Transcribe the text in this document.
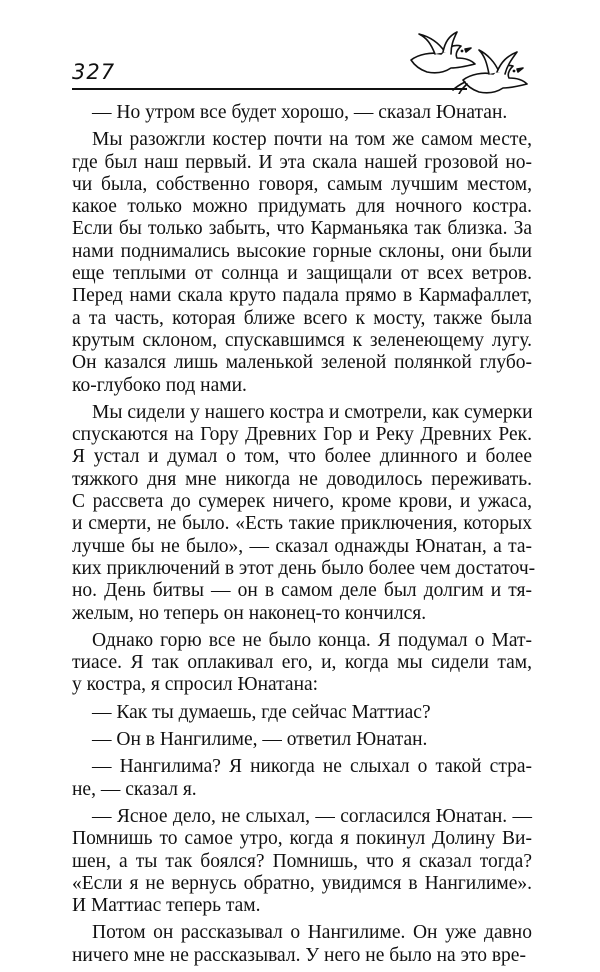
327
— Но утром все будет хорошо, — сказал Юнатан.
Мы разожгли костер почти на том же самом месте,
где был наш первый. И эта скала нашей грозовой но-
чи была, собственно говоря, самым лучшим местом,
какое только можно придумать для ночного костра.
Если бы только забыть, что Карманьяка так близка. За
нами поднимались высокие горные склоны, они были
еще теплыми от солнца и защищали от всех ветров.
Перед нами скала круто падала прямо в Кармафаллет,
а та часть, которая ближе всего к мосту, также была
крутым склоном, спускавшимся к зеленеющему лугу.
Он казался лишь маленькой зеленой полянкой глубо-
ко-глубоко под нами.
Мы сидели у нашего костра и смотрели, как сумерки
спускаются на Гору Древних Гор и Реку Древних Рек.
Я устал и думал о том, что более длинного и более
тяжкого дня мне никогда не доводилось переживать.
С рассвета до сумерек ничего, кроме крови, и ужаса,
и смерти, не было. «Есть такие приключения, которых
лучше бы не было», — сказал однажды Юнатан, а та-
ких приключений в этот день было более чем достаточ-
но. День битвы — он в самом деле был долгим и тя-
желым, но теперь он наконец-то кончился.
Однако горю все не было конца. Я подумал о Мат-
тиасе. Я так оплакивал его, и, когда мы сидели там,
у костра, я спросил Юнатана:
— Как ты думаешь, где сейчас Маттиас?
— Он в Нангилиме, — ответил Юнатан.
— Нангилима? Я никогда не слыхал о такой стра-
не, — сказал я.
— Ясное дело, не слыхал, — согласился Юнатан. —
Помнишь то самое утро, когда я покинул Долину Ви-
шен, а ты так боялся? Помнишь, что я сказал тогда?
«Если я не вернусь обратно, увидимся в Нангилиме».
И Маттиас теперь там.
Потом он рассказывал о Нангилиме. Он уже давно
ничего мне не рассказывал. У него не было на это вре-
